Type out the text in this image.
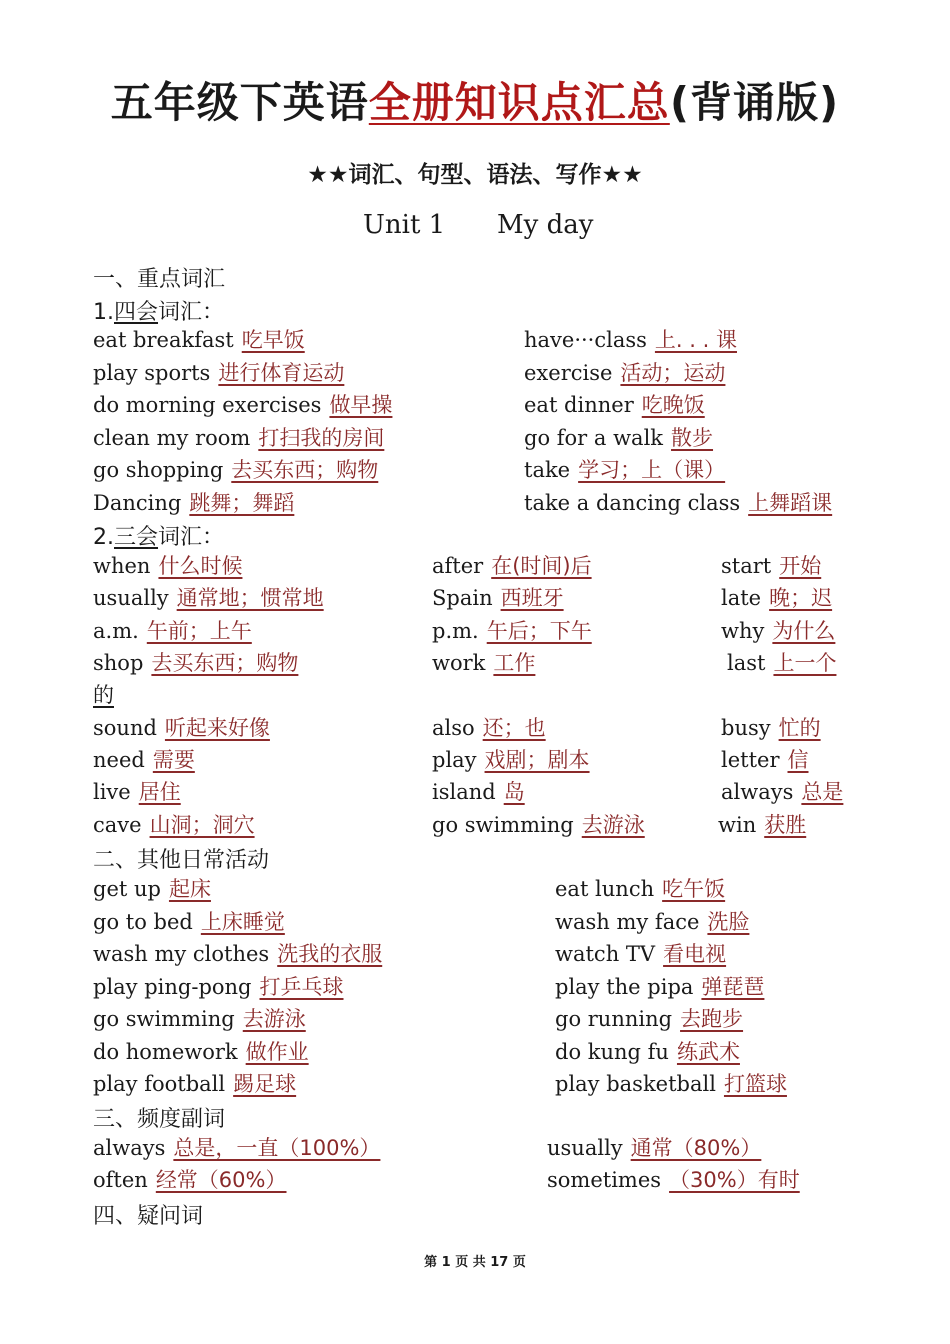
五年级下英语全册知识点汇总(背诵版)
★★词汇、句型、语法、写作★★
Unit 1 My day
一、重点词汇
1.四会词汇：
eat breakfast 吃早饭	have···class 上. . . 课
play sports 进行体育运动	exercise 活动；运动
do morning exercises 做早操	eat dinner 吃晚饭
clean my room 打扫我的房间	go for a walk 散步
go shopping 去买东西；购物	take 学习；上（课）
Dancing 跳舞；舞蹈	take a dancing class 上舞蹈课
2.三会词汇：
when 什么时候	after 在(时间)后	start 开始
usually 通常地；惯常地	Spain 西班牙	late 晚；迟
a.m. 午前；上午	p.m. 午后；下午	why 为什么
shop 去买东西；购物	work 工作	last 上一个
的
sound 听起来好像	also 还；也	busy 忙的
need 需要	play 戏剧；剧本	letter 信
live 居住	island 岛	always 总是
cave 山洞；洞穴	go swimming 去游泳	win 获胜
二、其他日常活动
get up 起床	eat lunch 吃午饭
go to bed 上床睡觉	wash my face 洗脸
wash my clothes 洗我的衣服	watch TV 看电视
play ping-pong 打乒乓球	play the pipa 弹琵琶
go swimming 去游泳	go running 去跑步
do homework 做作业	do kung fu 练武术
play football 踢足球	play basketball 打篮球
三、频度副词
always 总是，一直（100%）	usually 通常（80%）
often 经常（60%）	sometimes （30%）有时
四、疑问词
第 1 页 共 17 页
